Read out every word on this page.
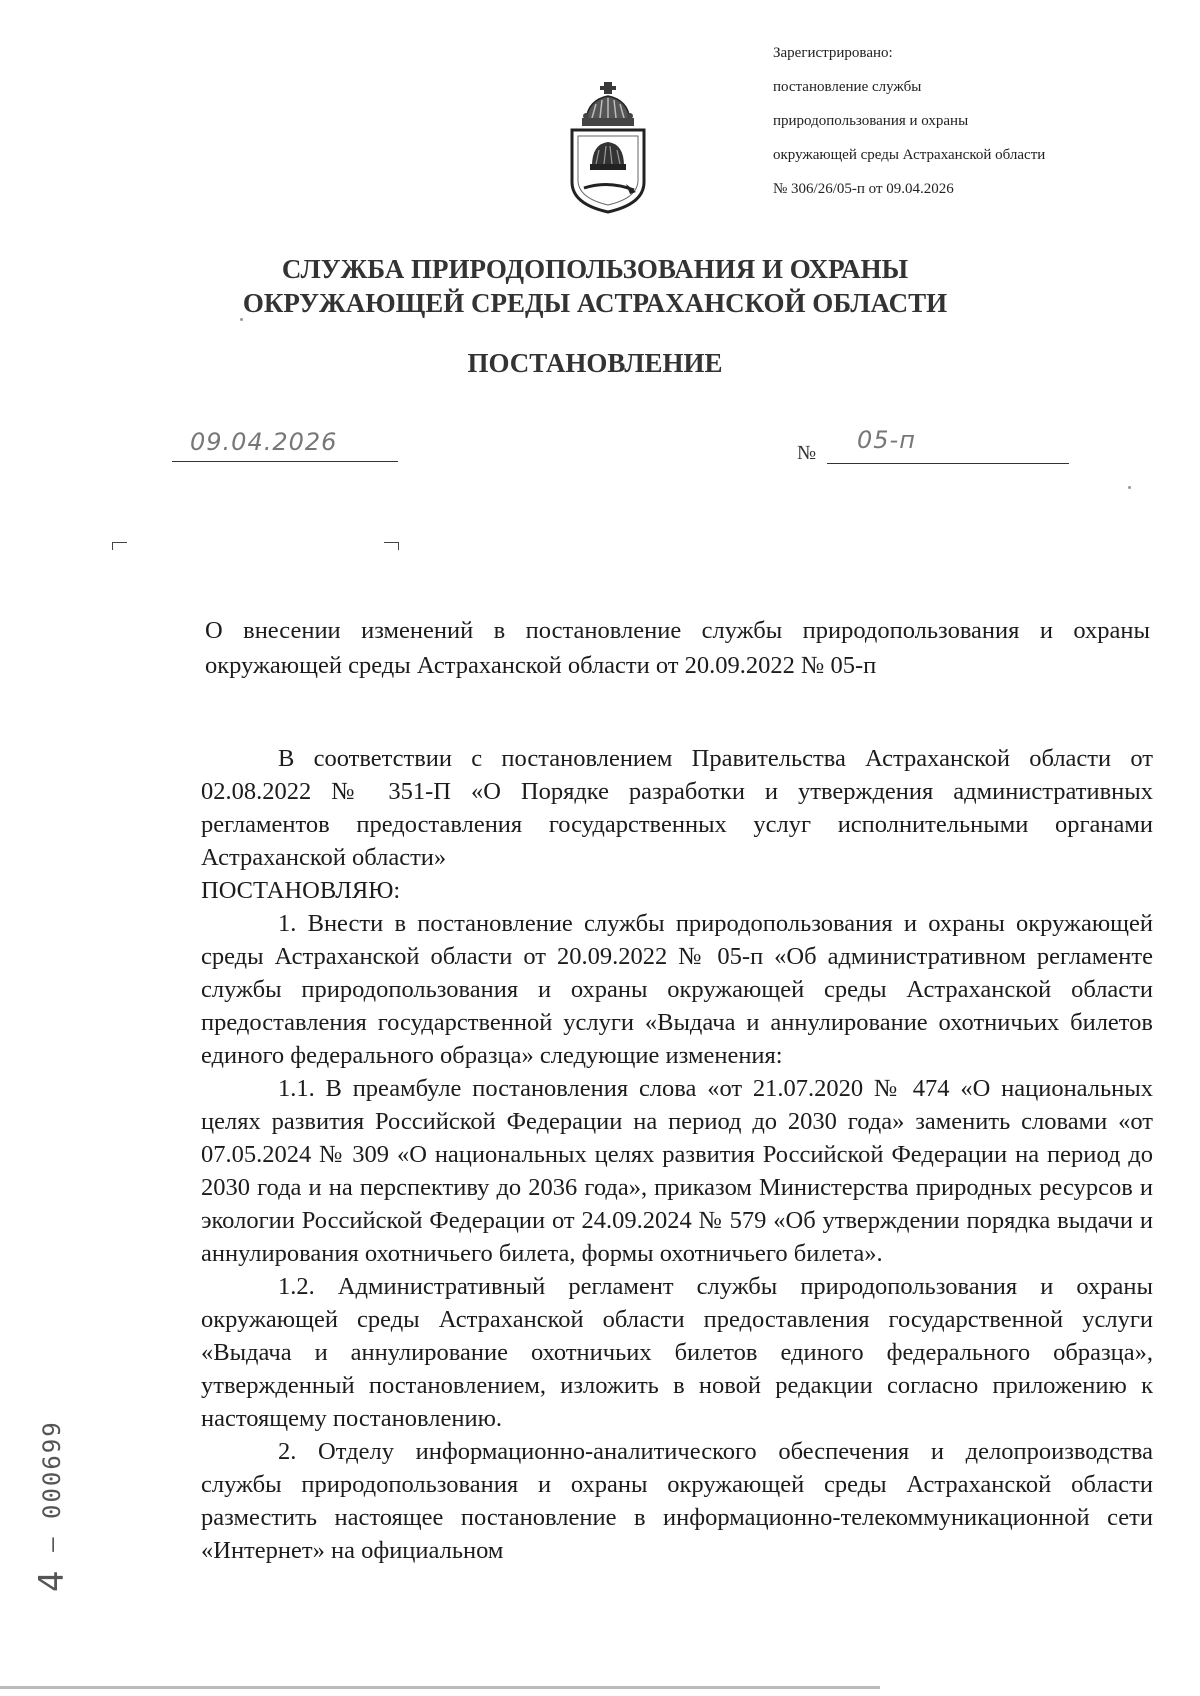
Зарегистрировано:
постановление службы
природопользования и охраны
окружающей среды Астраханской области
№ 306/26/05-п от 09.04.2026
СЛУЖБА ПРИРОДОПОЛЬЗОВАНИЯ И ОХРАНЫ
ОКРУЖАЮЩЕЙ СРЕДЫ АСТРАХАНСКОЙ ОБЛАСТИ
ПОСТАНОВЛЕНИЕ
09.04.2026	№ 05-п
О внесении изменений в постановление службы природопользования и охраны окружающей среды Астраханской области от 20.09.2022 № 05-п

В соответствии с постановлением Правительства Астраханской области от 02.08.2022 № 351-П «О Порядке разработки и утверждения административных регламентов предоставления государственных услуг исполнительными органами Астраханской области»

ПОСТАНОВЛЯЮ:

1. Внести в постановление службы природопользования и охраны окружающей среды Астраханской области от 20.09.2022 № 05-п «Об административном регламенте службы природопользования и охраны окружающей среды Астраханской области предоставления государственной услуги «Выдача и аннулирование охотничьих билетов единого федерального образца» следующие изменения:

1.1. В преамбуле постановления слова «от 21.07.2020 № 474 «О национальных целях развития Российской Федерации на период до 2030 года» заменить словами «от 07.05.2024 № 309 «О национальных целях развития Российской Федерации на период до 2030 года и на перспективу до 2036 года», приказом Министерства природных ресурсов и экологии Российской Федерации от 24.09.2024 № 579 «Об утверждении порядка выдачи и аннулирования охотничьего билета, формы охотничьего билета».

1.2. Административный регламент службы природопользования и охраны окружающей среды Астраханской области предоставления государственной услуги «Выдача и аннулирование охотничьих билетов единого федерального образца», утвержденный постановлением, изложить в новой редакции согласно приложению к настоящему постановлению.

2. Отделу информационно-аналитического обеспечения и делопроизводства службы природопользования и охраны окружающей среды Астраханской области разместить настоящее постановление в информационно-телекоммуникационной сети «Интернет» на официальном

4 — 000699
